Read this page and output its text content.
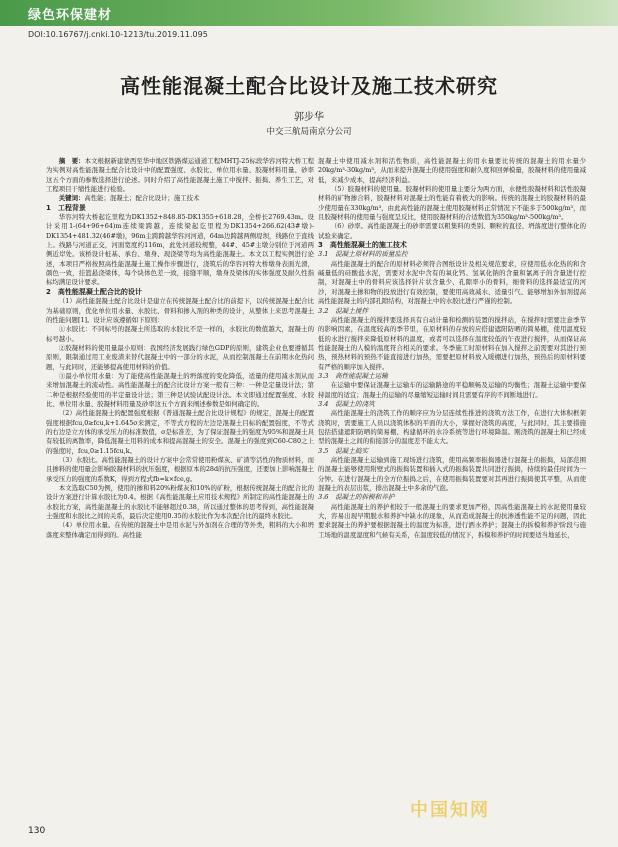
绿色环保建材
DOI:10.16767/j.cnki.10-1213/tu.2019.11.095
高性能混凝土配合比设计及施工技术研究
郭步华
中交三航局南京分公司

摘　要：本文根据新建蒙西至华中地区铁路煤运通道工程MHTJ-25标段华容河特大桥工程为实例对高性能混凝土配合比设计中的配置强度、水胶比、单位用水量、胶凝材料用量、砂率这五个方面的参数选择进行论述。同时介绍了高性能混凝土施工中搅拌、振捣、养生工艺，对工程项目干缩性能进行检验。

关键词：高性能；混凝土；配合比设计；施工技术

1　工程背景

华容河特大桥起讫里程为DK1352+848.85-DK1355+618.28，全桥长2769.43m。设计采用1-(64+96+64)m连续梁跨越，连续梁起讫里程为DK1354+266.62(43#墩)-DK1354+481.32(46#墩)，96m主跨跨越华容河河道，64m边跨越两侧堤坝，线路位于直线上。线路与河道正交，河面宽度约116m，此处河道较规整，44#、45#主墩分别位于河道两侧近岸处。该桥设计桩基、承台、墩身、现浇梁等均为高性能混凝土。本文以工程实例进行论述，本项目严格按照高性能混凝土施工操作步骤进行，浇筑后的华容河特大桥墩身表面光滑，颜色一致，挂篮悬浇梁体，每个块体色差一致，接缝平顺，墩身及梁体的实体强度及耐久性指标均满足设计要求。

2　高性能混凝土配合比的设计

（1）高性能混凝土配合比设计是建立在传统混凝土配合比的前提下，以传统混凝土配合比为基础原则，优化单位用水量、水胶比、骨料和掺入剂的种类的设计，从整体上来思考混凝土的性能问题[1]。设计应该遵循如下原则：

①水胶比：不同标号的混凝土所选取的水胶比不是一样的，水胶比的数值越大，混凝土的标号越小。

②胶凝材料的使用量最小原则：我国经济发展践行绿色GDP的原则，建筑企业也要遵循其原则，限制通过用工业废渣来替代混凝土中的一部分的水泥，从而控制混凝土在前期水化热问题，与此同时，还能够提高使用材料的价值。

③最小单位用水量：为了能使高性能混凝土的坍落度的变化降低，适量的使用减水剂从而来增加混凝土的流动性。高性能混凝土的配合比设计方案一般有三种：一种是定量设计法；第二种是根据经验使用的半定量设计法；第三种是试验试配设计法。本文即通过配置强度、水胶比、单位用水量、胶凝材料用量及砂率这五个方面来阐述参数是如何确定的。

（2）高性能混凝土的配置强度根据《普通混凝土配合比设计规程》的规定，混凝土的配置强度根据fcu,0≥fcu,k+1.645σ来测定，不等式方程的左边是混凝土目标的配置强度，不等式的右边是立方体的承受压力的标准数值，σ是标准差，为了保证混凝土的强度为95%和混凝土具有较低的离散率，降低混凝土用料的成本和提高混凝土的安全。混凝土的强度到C60-C80之上的强度时，fcu,0≥1.15fcu,k。

（3）水胶比。高性能混凝土的设计方案中会常常使用粉煤灰、矿渣等活性的物质材料，而且掺料的使用量会影响胶凝材料的抗压强度，根据原本的28d的抗压强度，还要加上影响混凝土承受压力的强度的系数K，得到方程式fb=k×fce,g。

本文选取C50为例，使用的掺和料20%粉煤灰和10%的矿粉，根据传统混凝土的配合比的设计方案进行计算水胶比为0.4。根据《高性能混凝土应用技术规程》所制定的高性能混凝土的水胶比方案，高性能混凝土的水胶比不能够超过0.38，所以通过整体的思考得到，高性能混凝土强度和水胶比之间的关系，最后决定使用0.35的水胶比作为本次配合比的最终水胶比。

（4）单位用水量。在传统的混凝土中是用水泥与外加剂在合理的等外类，粗料的大小和坍落度来整体确定而得到的。高性能

混凝土中使用减水剂和活性物质，高性能混凝土的用水量要比传统的混凝土的用水量少20kg/m³-30kg/m³，从而来提升混凝土的使用强度和耐久度和回弹模量，胶凝材料的使用量减低，来减少成本，提高经济利益。

（5）胶凝材料的使用量。胶凝材料的使用量主要分为两方面，水便性胶凝材料和活性胶凝材料的矿物掺合料，胶凝材料对混凝土的性能有着极大的影响。传统的混凝土的胶凝材料的最少使用量在330kg/m³，由此高性能的混凝土使用胶凝材料正常情况下不能多于500kg/m³，而且胶凝材料的使用量与强度呈反比，使用胶凝材料的合适数值为350kg/m³-500kg/m³。

（6）砂率。高性能混凝土的砂率需要以粗集料的类别、颗粒的直径、坍落度进行整体化的试验来确定。

3　高性能混凝土的施工技术

3.1　混凝土原材料的质量监控

高性能混凝土的配合的原材料必须符合图纸设计及相关规范要求，应使用低水化热的和含碱量低的硅酸盐水泥，需要对水泥中含有的氧化钙、氢氧化钠的含量和氯离子的含量进行控制，对混凝土中的骨料应该选择针片状含量少、孔隙率小的骨料，细骨料的选择最适宜的河沙，对混凝土掺和物的投放进行有效控制，要使用高效减水、适量引气、能够增加外加剂提高高性能混凝土的内部孔隙结构，对混凝土中的水胶比进行严谨的控制。

3.2　混凝土搅拌

高性能混凝土的搅拌要选择具有自动计量和检测的装置的搅拌站，在搅拌时需要注意季节的影响因素，在温度较高的季节里，在原材料的存放的应搭建遮阳防晒的简易棚，使用温度较低的水进行搅拌来降低原材料的温度，或者可以选择在温度较低的午夜进行搅拌，从而保证高性能混凝土的人模的温度符合相关的要求。冬季施工时原材料在加入搅拌之前需要对其进行预热，预热材料的预热不能直接进行加热，需要把原材料放入暖棚进行加热，预热后的原材料要有严格的顺序加入搅拌。

3.3　高性能混凝土运输

在运输中要保证混凝土运输车的运输路途的平稳顺畅及运输的均衡性；混凝土运输中要保持温度的适宜；混凝土的运输的尽量缩短运输时间且需要有序的不间断地进行。

3.4　混凝土的浇筑

高性能混凝土的浇筑工作的顺序应为分层连续性推进的浇筑方法工作，在进行大体积框架浇筑时，需要施工人员以浇筑体积的平面的大小，掌握好浇筑的高度，与此同时，其主要措施包括搭建遮阳防晒的简易棚、构建循环的水冷系统等进行环境降温。刚浇筑的混凝土和已经成型的混凝土之间的衔接部分的温度差不能太大。

3.5　混凝土捣实

高性能混凝土运输到施工现场进行浇筑，使用高频率振捣器进行混凝土的振捣，局部范围的混凝土能够使用附壁式的振捣装置和插入式的振捣装置共同进行振捣，持续的最佳时间为一分钟。在进行混凝土的全方位振捣之后，在使用振捣装置要对其再进行振捣使其平整，从而使混凝土的表层出浆，排出混凝土中多余的气泡。

3.6　混凝土的拆模和养护

高性能混凝土的养护相较于一般混凝土的要求更加严格，因高性能混凝土的水泥使用量较大，容易出现早期脱水和养护中缺水的现象，从而造成混凝土的抗渗透性能不足的问题，因此要求混凝土的养护要根据混凝土的温度为标准，进行洒水养护；混凝土的拆模和养护阶段与施工场地的温度湿度和气候有关系，在温度较低的情况下，拆模和养护的时间要适当地延长，

中国知网
130
